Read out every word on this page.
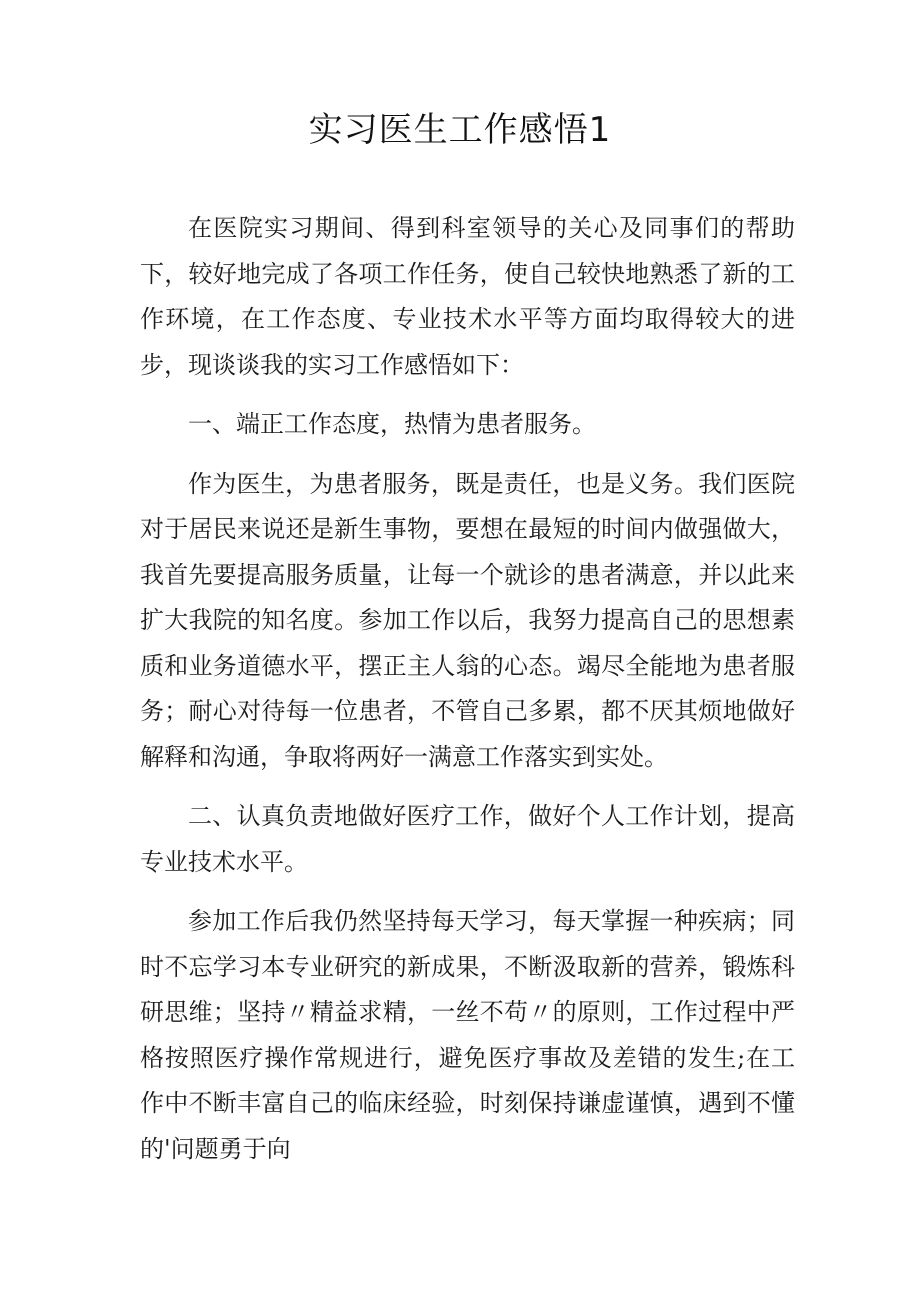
实习医生工作感悟1

在医院实习期间、得到科室领导的关心及同事们的帮助下，较好地完成了各项工作任务，使自己较快地熟悉了新的工作环境，在工作态度、专业技术水平等方面均取得较大的进步，现谈谈我的实习工作感悟如下：

一、端正工作态度，热情为患者服务。

作为医生，为患者服务，既是责任，也是义务。我们医院对于居民来说还是新生事物，要想在最短的时间内做强做大，我首先要提高服务质量，让每一个就诊的患者满意，并以此来扩大我院的知名度。参加工作以后，我努力提高自己的思想素质和业务道德水平，摆正主人翁的心态。竭尽全能地为患者服务；耐心对待每一位患者，不管自己多累，都不厌其烦地做好解释和沟通，争取将两好一满意工作落实到实处。

二、认真负责地做好医疗工作，做好个人工作计划，提高专业技术水平。

参加工作后我仍然坚持每天学习，每天掌握一种疾病；同时不忘学习本专业研究的新成果，不断汲取新的营养，锻炼科研思维；坚持〃精益求精，一丝不苟〃的原则，工作过程中严格按照医疗操作常规进行，避免医疗事故及差错的发生;在工作中不断丰富自己的临床经验，时刻保持谦虚谨慎，遇到不懂的'问题勇于向
